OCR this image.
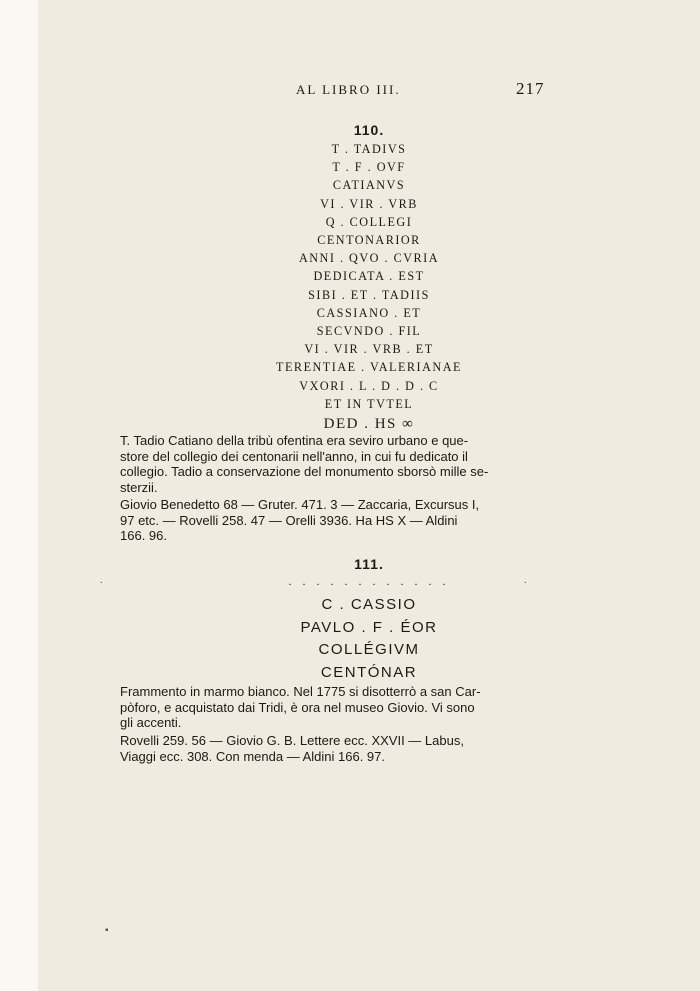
AL LIBRO III.	217
110.
T . TADIVS
T . F . OVF
CATIANVS
VI . VIR . VRB
Q . COLLEGI
CENTONARIOR
ANNI . QVO . CVRIA
DEDICATA . EST
SIBI . ET . TADIIS
CASSIANO . ET
SECVNDO . FIL
VI . VIR . VRB . ET
TERENTIAE . VALERIANAE
VXORI . L . D . D . C
ET IN TVTEL
DED . HS ∞
T. Tadio Catiano della tribù ofentina era seviro urbano e que-
store del collegio dei centonarii nell'anno, in cui fu dedicato il
collegio. Tadio a conservazione del monumento sborsò mille se-
sterzii.
Giovio Benedetto 68 — Gruter. 471. 3 — Zaccaria, Excursus I,
97 etc. — Rovelli 258. 47 — Orelli 3936. Ha HS X — Aldini
166. 96.
111.
. . . . . . . . . . . .
.	.
C . CASSIO
PAVLO . F . ÉOR
COLLÉGIVM
CENTÓNAR
Frammento in marmo bianco. Nel 1775 si disotterrò a san Car-
pòforo, e acquistato dai Tridi, è ora nel museo Giovio. Vi sono
gli accenti.
Rovelli 259. 56 — Giovio G. B. Lettere ecc. XXVII — Labus,
Viaggi ecc. 308. Con menda — Aldini 166. 97.
▪
